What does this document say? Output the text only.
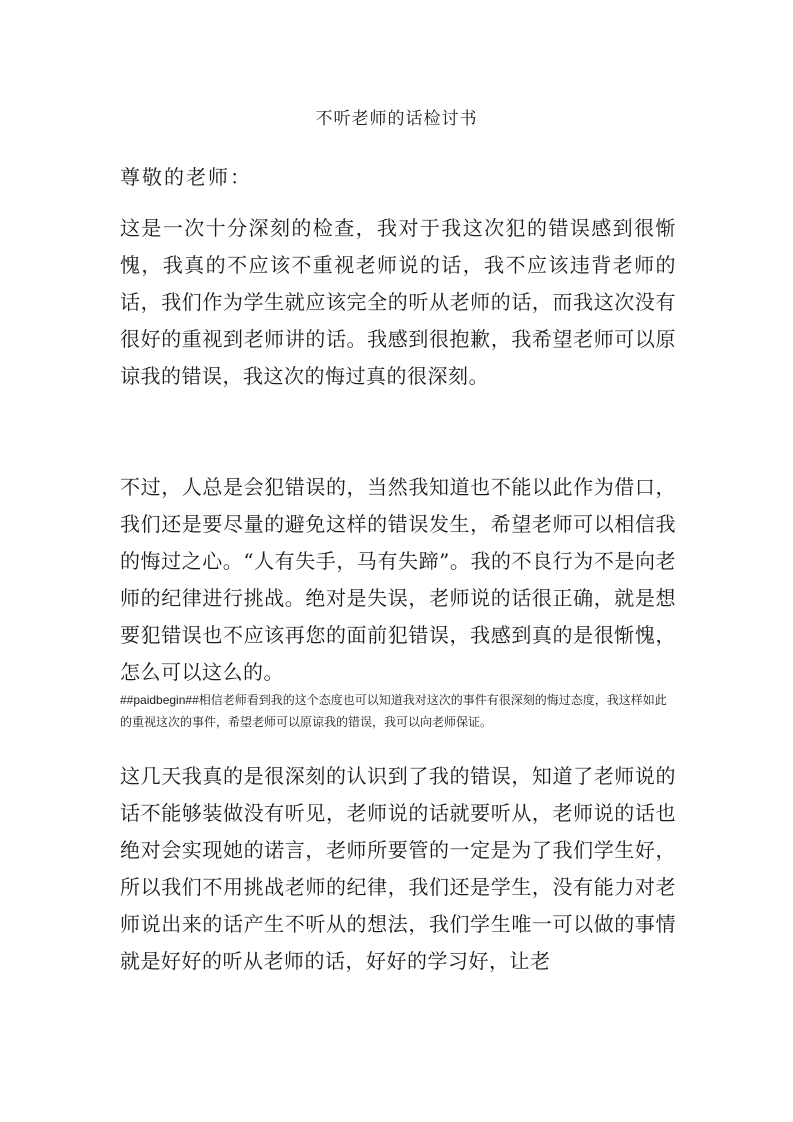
不听老师的话检讨书
尊敬的老师：

这是一次十分深刻的检查，我对于我这次犯的错误感到很惭愧，我真的不应该不重视老师说的话，我不应该违背老师的话，我们作为学生就应该完全的听从老师的话，而我这次没有很好的重视到老师讲的话。我感到很抱歉，我希望老师可以原谅我的错误，我这次的悔过真的很深刻。

不过，人总是会犯错误的，当然我知道也不能以此作为借口，我们还是要尽量的避免这样的错误发生，希望老师可以相信我的悔过之心。“人有失手，马有失蹄”。我的不良行为不是向老师的纪律进行挑战。绝对是失误，老师说的话很正确，就是想要犯错误也不应该再您的面前犯错误，我感到真的是很惭愧，怎么可以这么的。

##paidbegin##相信老师看到我的这个态度也可以知道我对这次的事件有很深刻的悔过态度，我这样如此的重视这次的事件，希望老师可以原谅我的错误，我可以向老师保证。

这几天我真的是很深刻的认识到了我的错误，知道了老师说的话不能够装做没有听见，老师说的话就要听从，老师说的话也绝对会实现她的诺言，老师所要管的一定是为了我们学生好，所以我们不用挑战老师的纪律，我们还是学生，没有能力对老师说出来的话产生不听从的想法，我们学生唯一可以做的事情就是好好的听从老师的话，好好的学习好，让老
